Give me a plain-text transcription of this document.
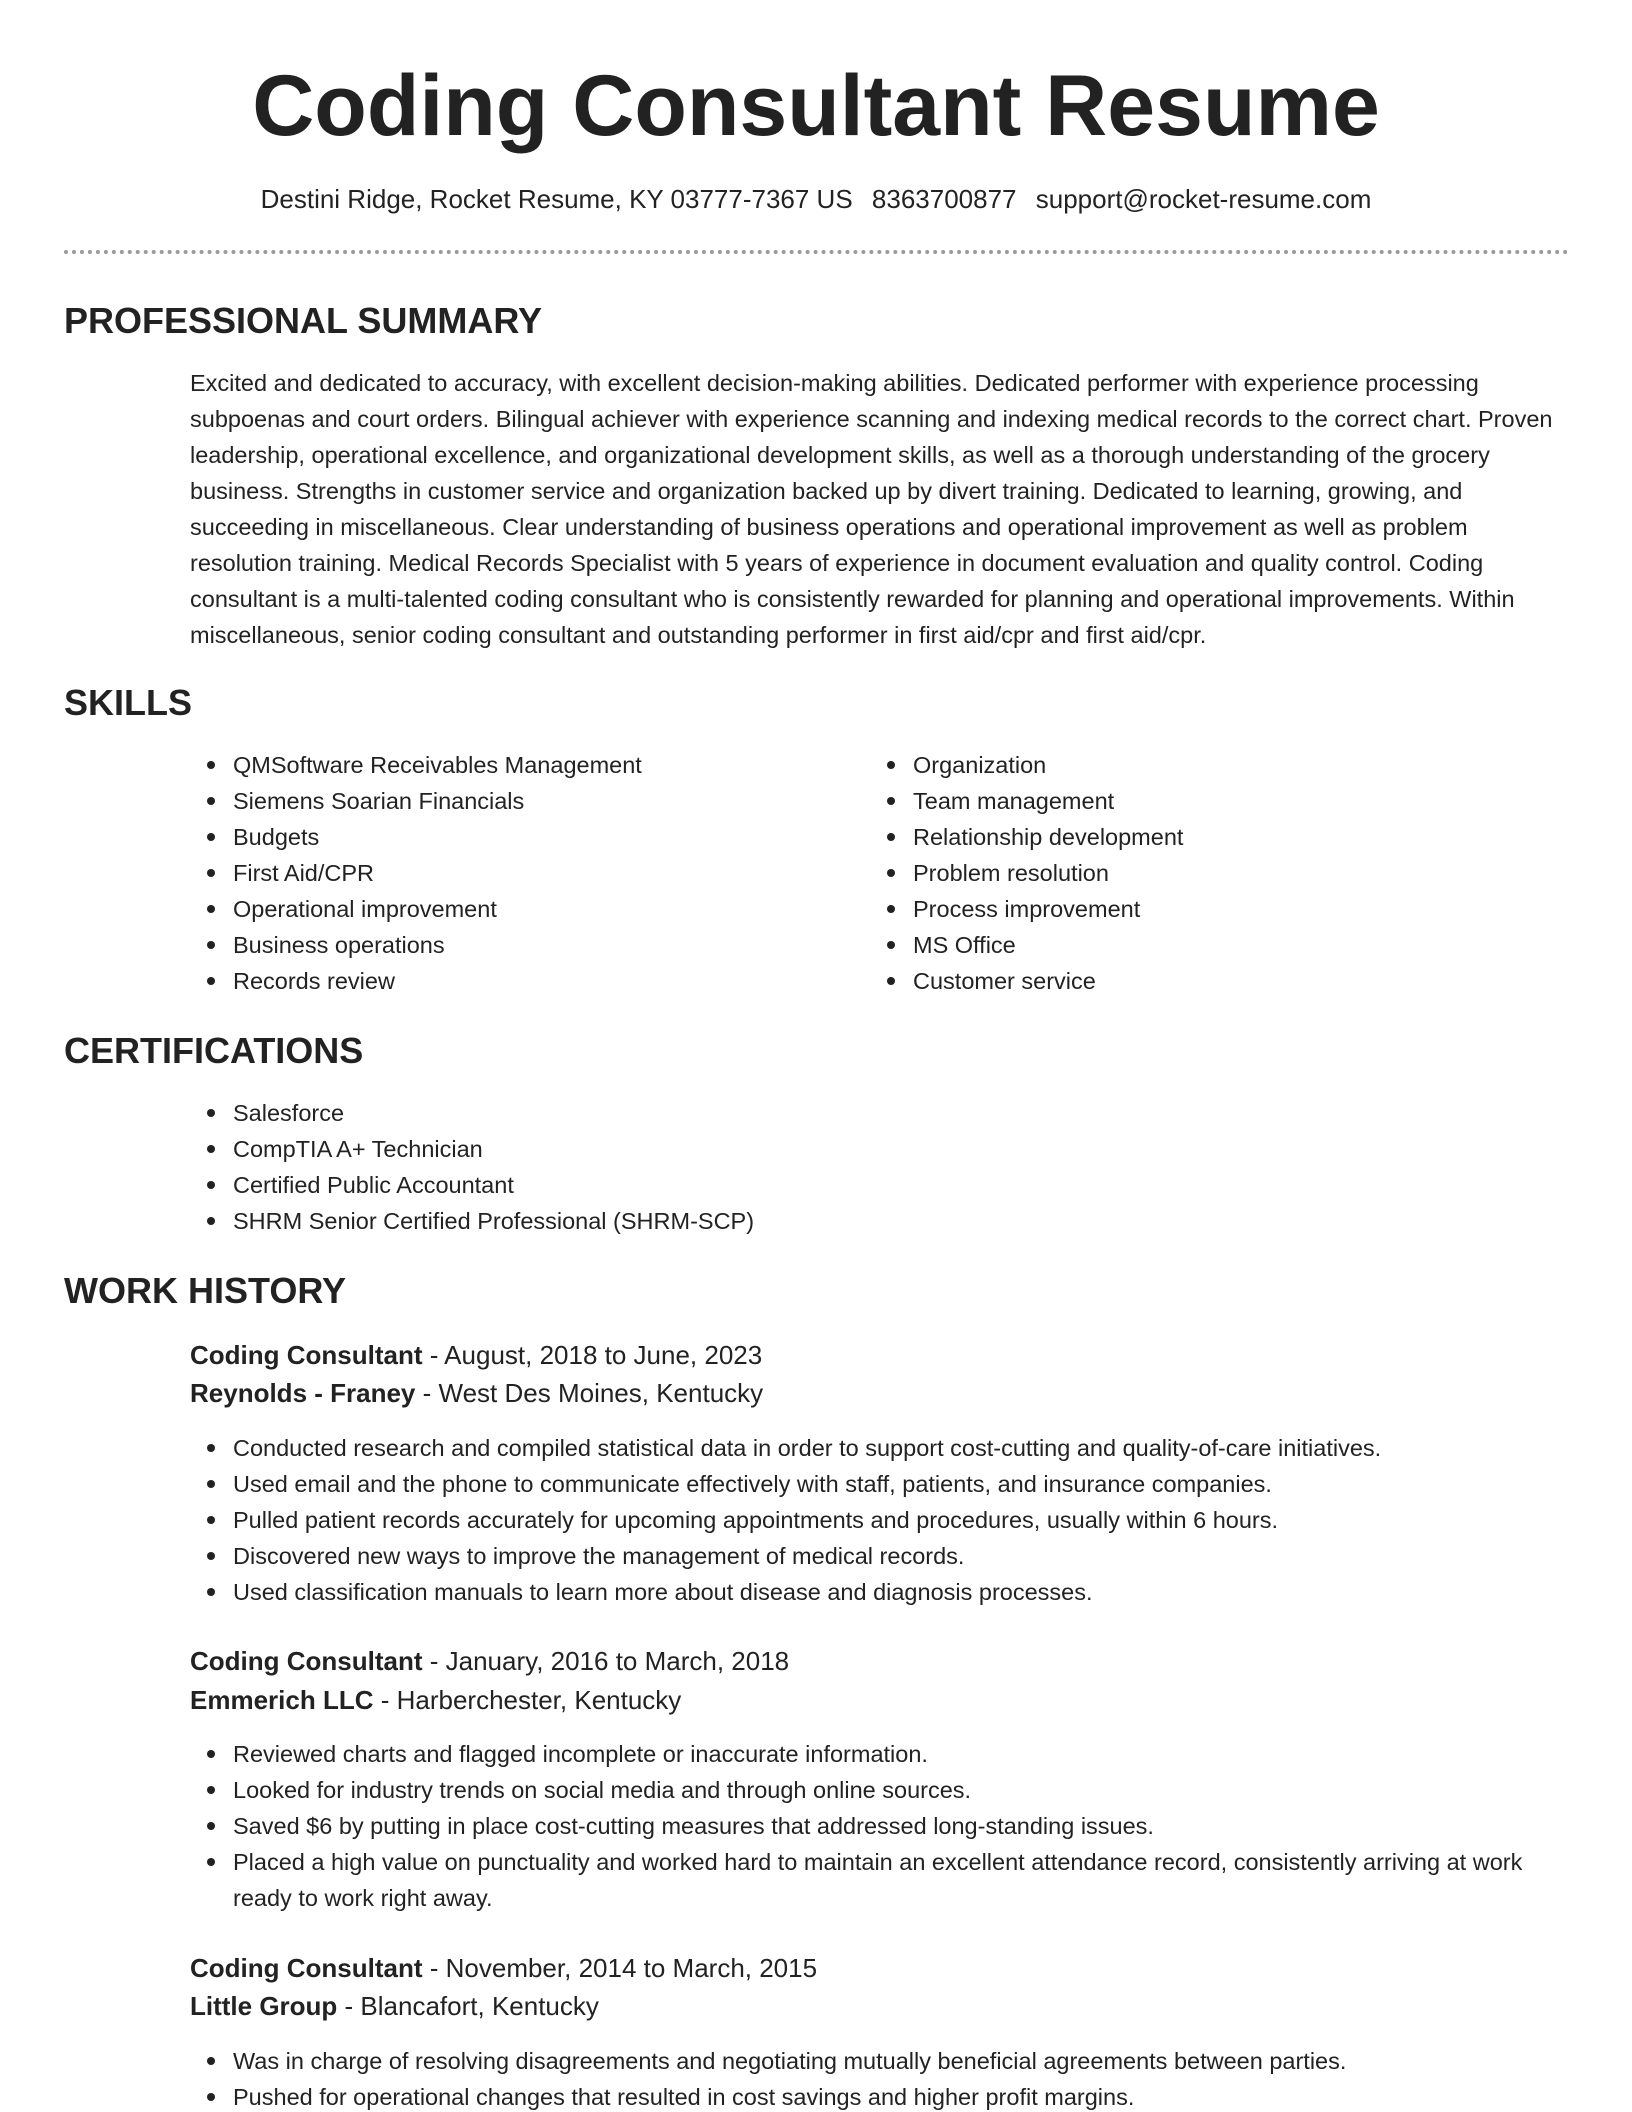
Coding Consultant Resume
Destini Ridge, Rocket Resume, KY 03777-7367 US 8363700877 support@rocket-resume.com
PROFESSIONAL SUMMARY

Excited and dedicated to accuracy, with excellent decision-making abilities. Dedicated performer with experience processing subpoenas and court orders. Bilingual achiever with experience scanning and indexing medical records to the correct chart. Proven leadership, operational excellence, and organizational development skills, as well as a thorough understanding of the grocery business. Strengths in customer service and organization backed up by divert training. Dedicated to learning, growing, and succeeding in miscellaneous. Clear understanding of business operations and operational improvement as well as problem resolution training. Medical Records Specialist with 5 years of experience in document evaluation and quality control. Coding consultant is a multi-talented coding consultant who is consistently rewarded for planning and operational improvements. Within miscellaneous, senior coding consultant and outstanding performer in first aid/cpr and first aid/cpr.

SKILLS
QMSoftware Receivables Management
Siemens Soarian Financials
Budgets
First Aid/CPR
Operational improvement
Business operations
Records review
Organization
Team management
Relationship development
Problem resolution
Process improvement
MS Office
Customer service
CERTIFICATIONS
Salesforce
CompTIA A+ Technician
Certified Public Accountant
SHRM Senior Certified Professional (SHRM-SCP)
WORK HISTORY
Coding Consultant - August, 2018 to June, 2023
Reynolds - Franey - West Des Moines, Kentucky
Conducted research and compiled statistical data in order to support cost-cutting and quality-of-care initiatives.
Used email and the phone to communicate effectively with staff, patients, and insurance companies.
Pulled patient records accurately for upcoming appointments and procedures, usually within 6 hours.
Discovered new ways to improve the management of medical records.
Used classification manuals to learn more about disease and diagnosis processes.
Coding Consultant - January, 2016 to March, 2018
Emmerich LLC - Harberchester, Kentucky
Reviewed charts and flagged incomplete or inaccurate information.
Looked for industry trends on social media and through online sources.
Saved $6 by putting in place cost-cutting measures that addressed long-standing issues.
Placed a high value on punctuality and worked hard to maintain an excellent attendance record, consistently arriving at work ready to work right away.
Coding Consultant - November, 2014 to March, 2015
Little Group - Blancafort, Kentucky
Was in charge of resolving disagreements and negotiating mutually beneficial agreements between parties.
Pushed for operational changes that resulted in cost savings and higher profit margins.
